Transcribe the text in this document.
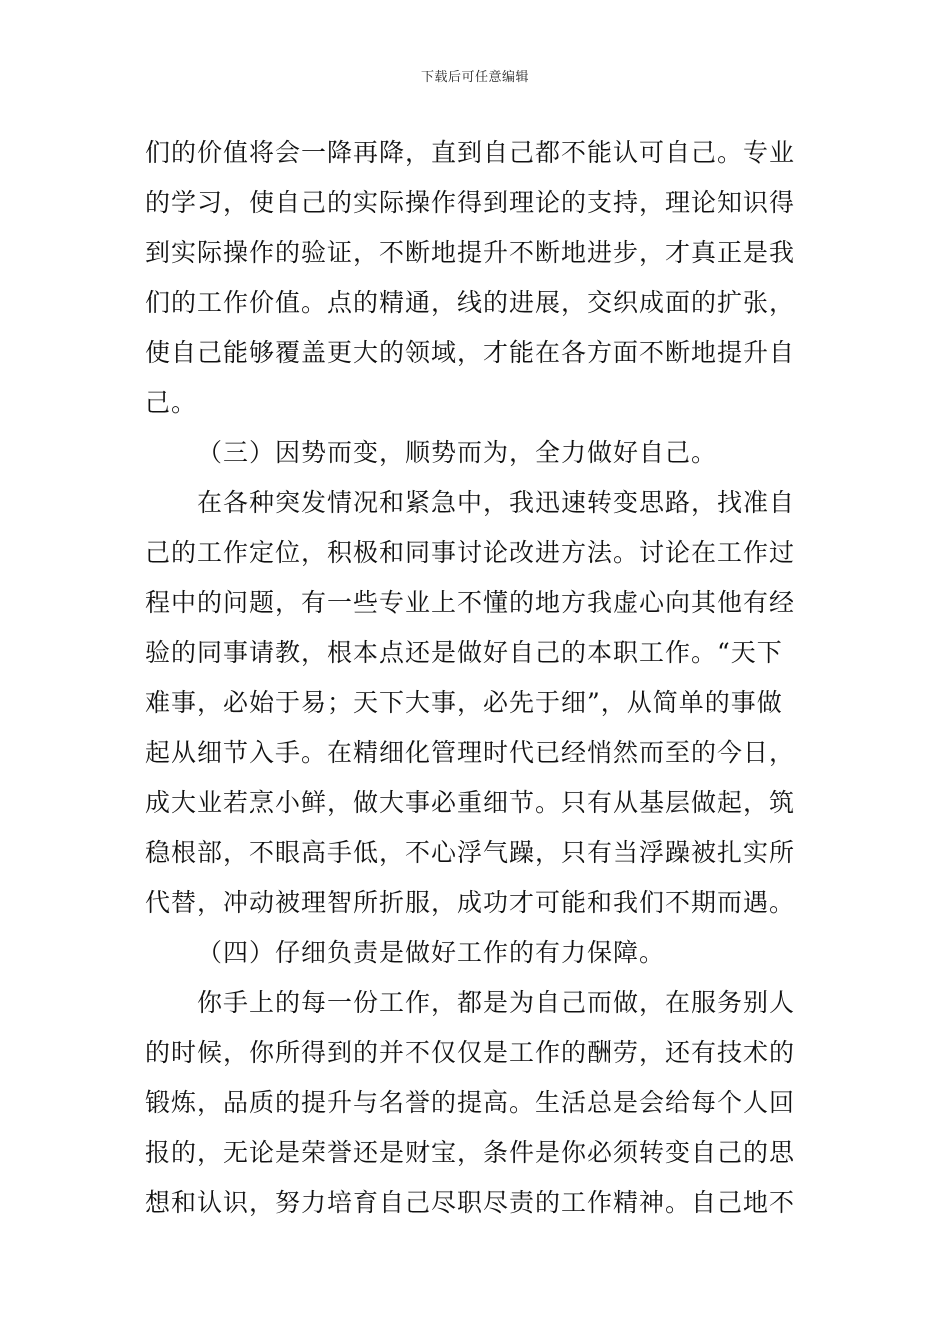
下载后可任意编辑
们的价值将会一降再降，直到自己都不能认可自己。专业
的学习，使自己的实际操作得到理论的支持，理论知识得
到实际操作的验证，不断地提升不断地进步，才真正是我
们的工作价值。点的精通，线的进展，交织成面的扩张，
使自己能够覆盖更大的领域，才能在各方面不断地提升自
己。
（三）因势而变，顺势而为，全力做好自己。
在各种突发情况和紧急中，我迅速转变思路，找准自
己的工作定位，积极和同事讨论改进方法。讨论在工作过
程中的问题，有一些专业上不懂的地方我虚心向其他有经
验的同事请教，根本点还是做好自己的本职工作。“天下
难事，必始于易；天下大事，必先于细”，从简单的事做
起从细节入手。在精细化管理时代已经悄然而至的今日，
成大业若烹小鲜，做大事必重细节。只有从基层做起，筑
稳根部，不眼高手低，不心浮气躁，只有当浮躁被扎实所
代替，冲动被理智所折服，成功才可能和我们不期而遇。
（四）仔细负责是做好工作的有力保障。
你手上的每一份工作，都是为自己而做，在服务别人
的时候，你所得到的并不仅仅是工作的酬劳，还有技术的
锻炼，品质的提升与名誉的提高。生活总是会给每个人回
报的，无论是荣誉还是财宝，条件是你必须转变自己的思
想和认识，努力培育自己尽职尽责的工作精神。自己地不
